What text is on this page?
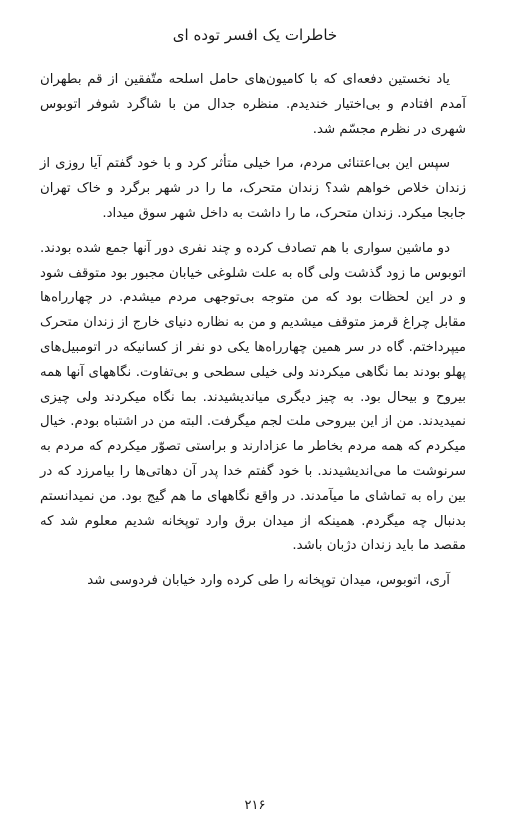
خاطرات یک افسر توده ای

یاد نخستین دفعه‌ای که با کامیون‌های حامل اسلحه متّفقین از قم بطهران آمدم افتادم و بی‌اختیار خندیدم. منظره جدال من با شاگرد شوفر اتوبوس شهری در نظرم مجسّم شد.

سپس این بی‌اعتنائی مردم، مرا خیلی متأثر کرد و با خود گفتم آیا روزی از زندان خلاص خواهم شد؟ زندان متحرک، ما را در شهر برگرد و خاک تهران جابجا میکرد. زندان متحرک، ما را داشت به داخل شهر سوق میداد.

دو ماشین سواری با هم تصادف کرده و چند نفری دور آنها جمع شده بودند. اتوبوس ما زود گذشت ولی گاه به علت شلوغی خیابان مجبور بود متوقف شود و در این لحظات بود که من متوجه بی‌توجهی مردم میشدم. در چهارراه‌ها مقابل چراغ قرمز متوقف میشدیم و من به نظاره دنیای خارج از زندان متحرک میپرداختم. گاه در سر همین چهارراه‌ها یکی دو نفر از کسانیکه در اتومبیل‌های پهلو بودند بما نگاهی میکردند ولی خیلی سطحی و بی‌تفاوت. نگاههای آنها همه بیروح و بیحال بود. به چیز دیگری میاندیشیدند. بما نگاه میکردند ولی چیزی نمیدیدند. من از این بیروحی ملت لجم میگرفت. البته من در اشتباه بودم. خیال میکردم که همه مردم بخاطر ما عزادارند و براستی تصوّر میکردم که مردم به سرنوشت ما می‌اندیشیدند. با خود گفتم خدا پدر آن دهاتی‌ها را بیامرزد که در بین راه به تماشای ما میآمدند. در واقع نگاههای ما هم گیج بود. من نمیدانستم بدنبال چه میگردم. همینکه از میدان برق وارد توپخانه شدیم معلوم شد که مقصد ما باید زندان دژبان باشد.

آری، اتوبوس، میدان توپخانه را طی کرده وارد خیابان فردوسی شد

۲۱۶
